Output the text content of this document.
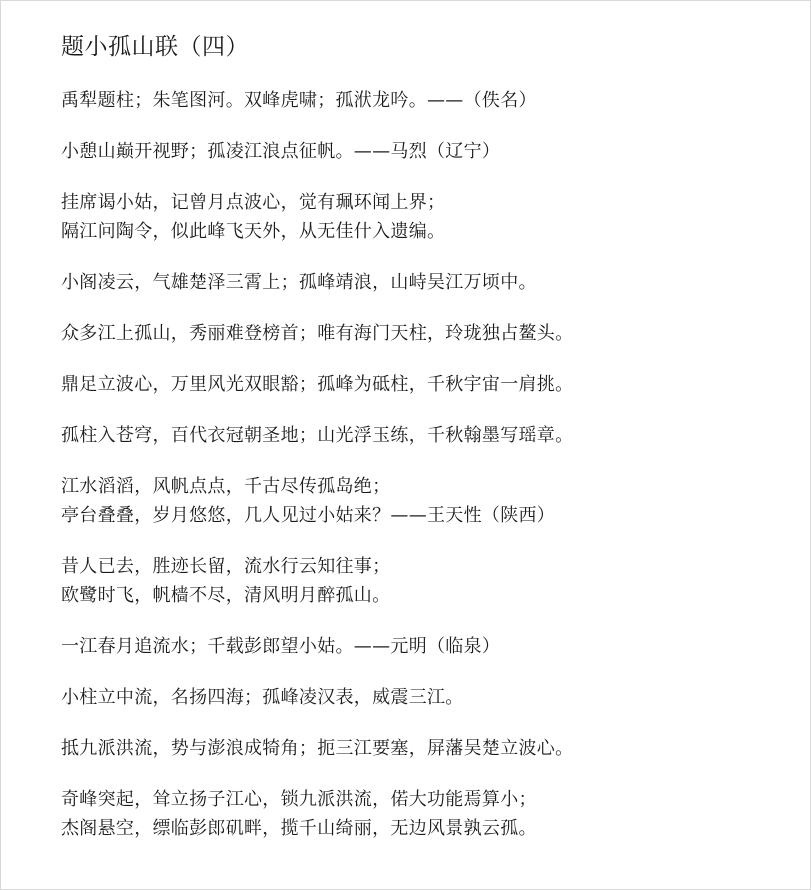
题小孤山联（四）
禹犁题柱；朱笔图河。双峰虎啸；孤洑龙吟。——（佚名）
小憩山巅开视野；孤凌江浪点征帆。——马烈（辽宁）
挂席谒小姑，记曾月点波心，觉有珮环闻上界；
隔江问陶令，似此峰飞天外，从无佳什入遗编。
小阁凌云，气雄楚泽三霄上；孤峰靖浪，山峙吴江万顷中。
众多江上孤山，秀丽难登榜首；唯有海门天柱，玲珑独占鳌头。
鼎足立波心，万里风光双眼豁；孤峰为砥柱，千秋宇宙一肩挑。
孤柱入苍穹，百代衣冠朝圣地；山光浮玉练，千秋翰墨写瑶章。
江水滔滔，风帆点点，千古尽传孤岛绝；
亭台叠叠，岁月悠悠，几人见过小姑来？——王天性（陕西）
昔人已去，胜迹长留，流水行云知往事；
欧鹭时飞，帆樯不尽，清风明月醉孤山。
一江春月追流水；千载彭郎望小姑。——元明（临泉）
小柱立中流，名扬四海；孤峰凌汉表，威震三江。
抵九派洪流，势与澎浪成犄角；扼三江要塞，屏藩吴楚立波心。
奇峰突起，耸立扬子江心，锁九派洪流，偌大功能焉算小；
杰阁悬空，缥临彭郎矶畔，揽千山绮丽，无边风景孰云孤。
